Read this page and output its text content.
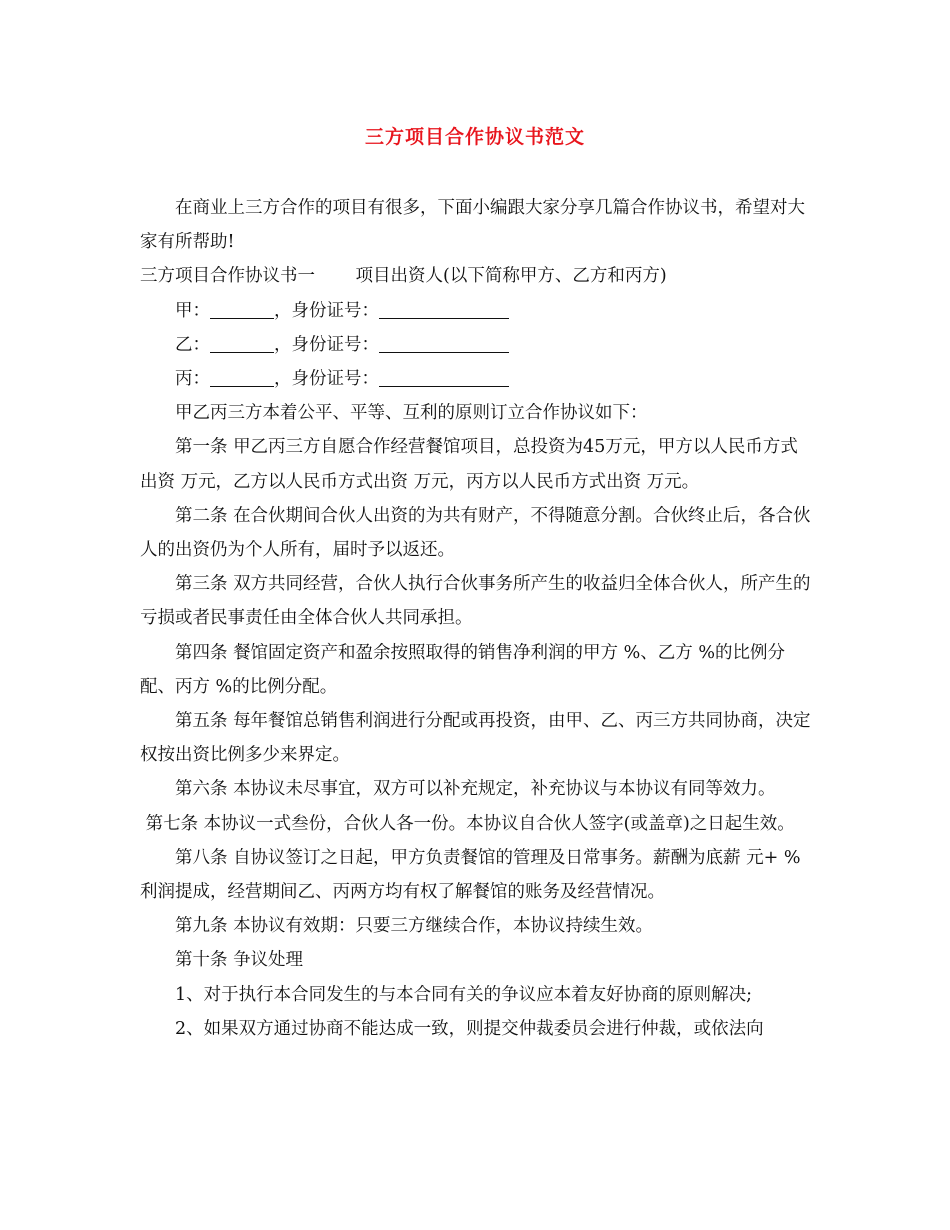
三方项目合作协议书范文

在商业上三方合作的项目有很多，下面小编跟大家分享几篇合作协议书，希望对大家有所帮助!

三方项目合作协议书一　　 项目出资人(以下简称甲方、乙方和丙方)

甲：	，身份证号：

乙：	，身份证号：

丙：	，身份证号：

甲乙丙三方本着公平、平等、互利的原则订立合作协议如下：

第一条 甲乙丙三方自愿合作经营餐馆项目，总投资为45万元，甲方以人民币方式出资 万元，乙方以人民币方式出资 万元，丙方以人民币方式出资 万元。

第二条 在合伙期间合伙人出资的为共有财产，不得随意分割。合伙终止后，各合伙人的出资仍为个人所有，届时予以返还。

第三条 双方共同经营，合伙人执行合伙事务所产生的收益归全体合伙人，所产生的亏损或者民事责任由全体合伙人共同承担。

第四条 餐馆固定资产和盈余按照取得的销售净利润的甲方 %、乙方 %的比例分配、丙方 %的比例分配。

第五条 每年餐馆总销售利润进行分配或再投资，由甲、乙、丙三方共同协商，决定权按出资比例多少来界定。

第六条 本协议未尽事宜，双方可以补充规定，补充协议与本协议有同等效力。

第七条 本协议一式叁份，合伙人各一份。本协议自合伙人签字(或盖章)之日起生效。

第八条 自协议签订之日起，甲方负责餐馆的管理及日常事务。薪酬为底薪 元+ % 利润提成，经营期间乙、丙两方均有权了解餐馆的账务及经营情况。

第九条 本协议有效期：只要三方继续合作，本协议持续生效。

第十条 争议处理

1、对于执行本合同发生的与本合同有关的争议应本着友好协商的原则解决;

2、如果双方通过协商不能达成一致，则提交仲裁委员会进行仲裁，或依法向
